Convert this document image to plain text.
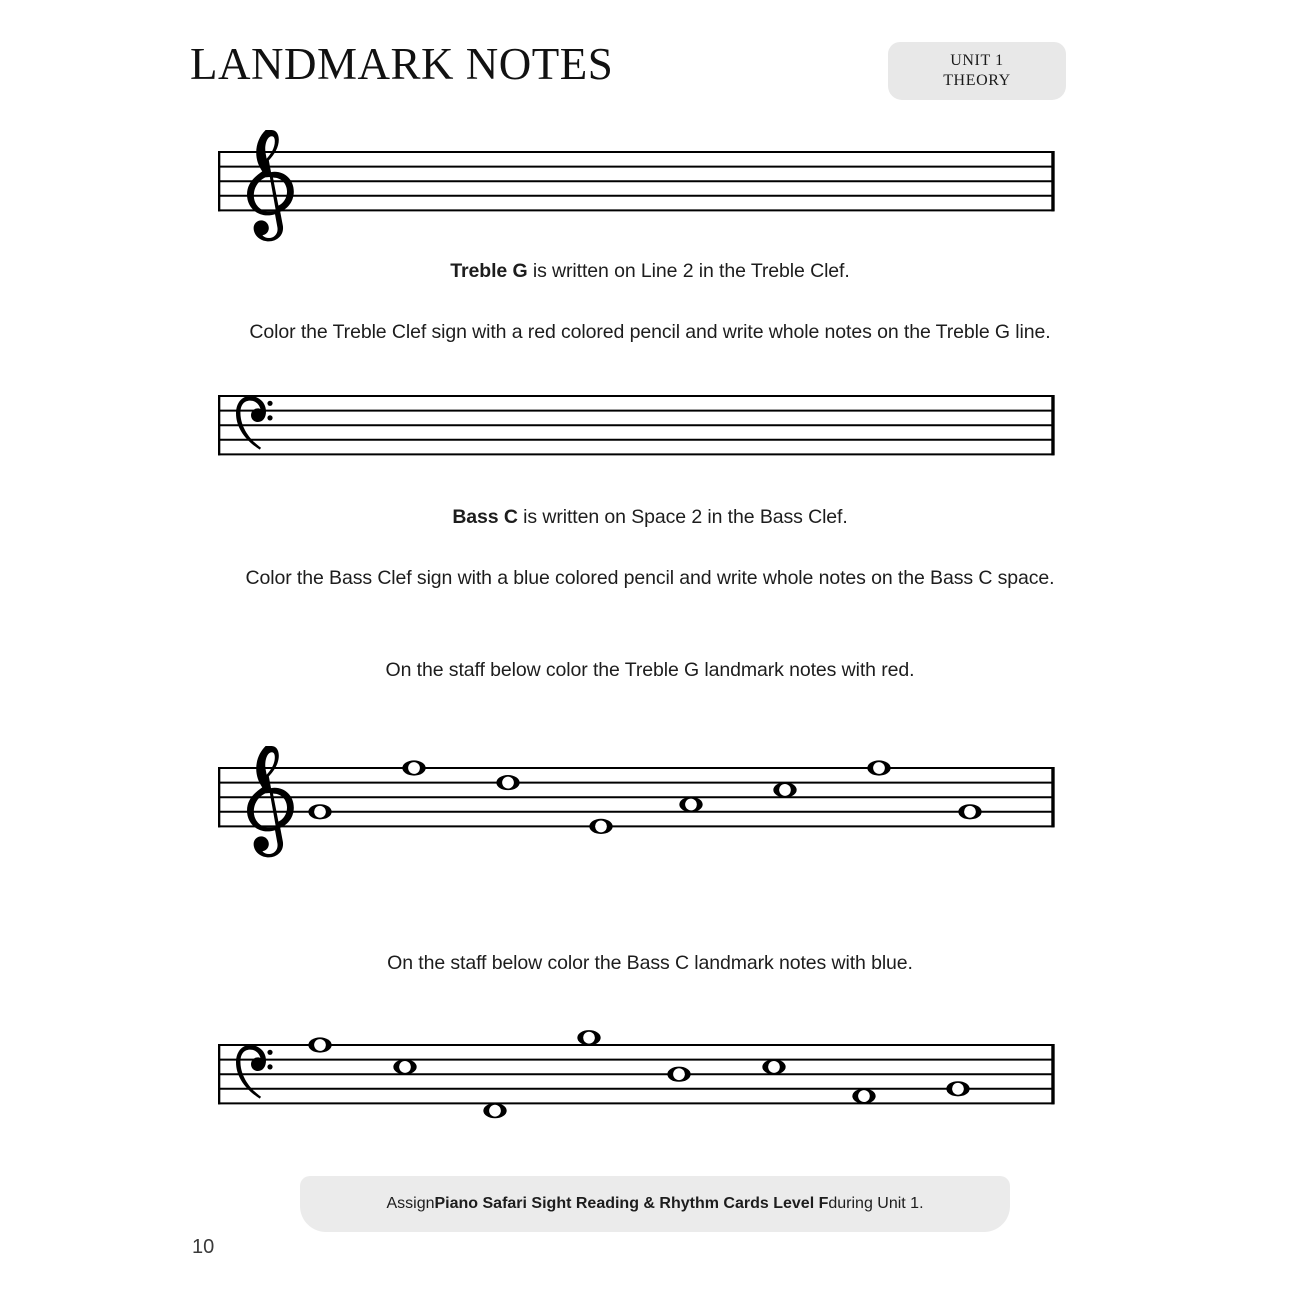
LANDMARK NOTES	UNIT 1
THEORY
Treble G is written on Line 2 in the Treble Clef.
Color the Treble Clef sign with a red colored pencil and write whole notes on the Treble G line.
Bass C is written on Space 2 in the Bass Clef.
Color the Bass Clef sign with a blue colored pencil and write whole notes on the Bass C space.
On the staff below color the Treble G landmark notes with red.
On the staff below color the Bass C landmark notes with blue.
Assign Piano Safari Sight Reading & Rhythm Cards Level F during Unit 1.
10
